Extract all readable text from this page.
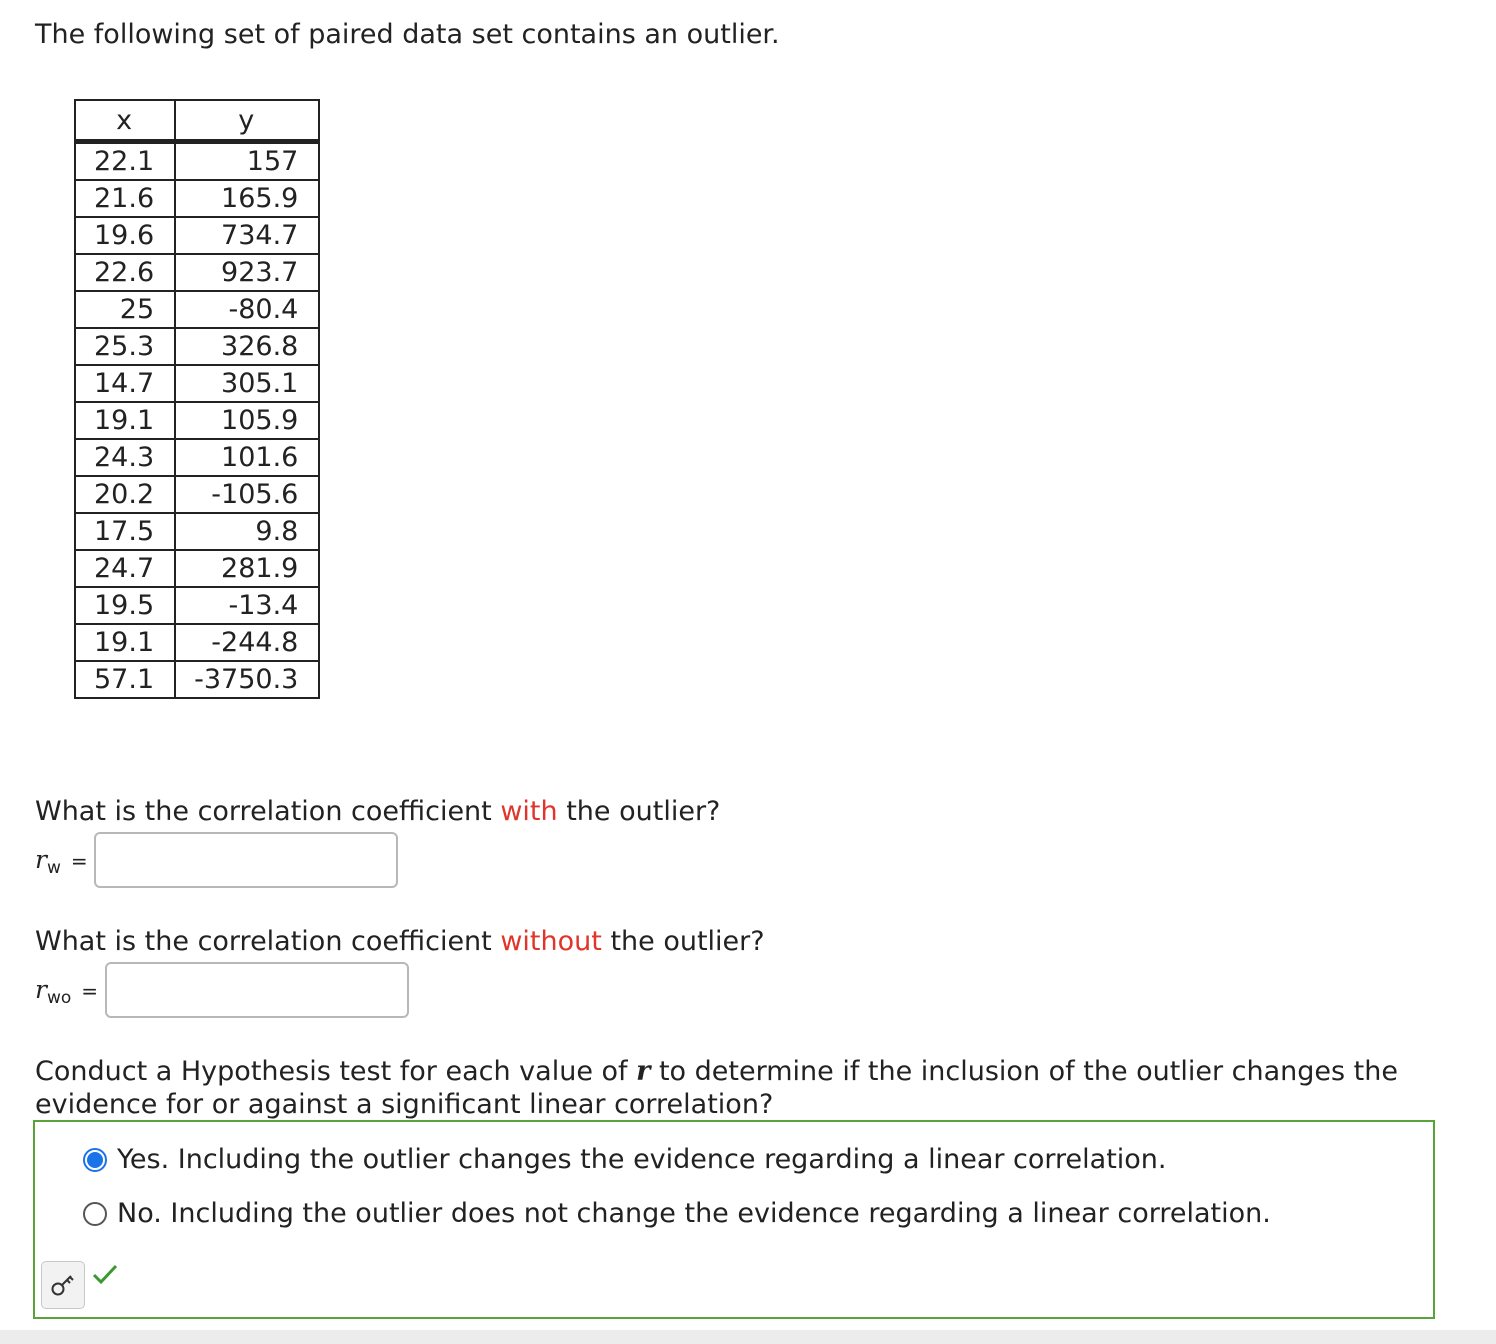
The following set of paired data set contains an outlier.
x	y
22.1	157
21.6	165.9
19.6	734.7
22.6	923.7
25	-80.4
25.3	326.8
14.7	305.1
19.1	105.9
24.3	101.6
20.2	-105.6
17.5	9.8
24.7	281.9
19.5	-13.4
19.1	-244.8
57.1	-3750.3

What is the correlation coefficient with the outlier?

$r_w$ =

What is the correlation coefficient without the outlier?

$r_{wo}$ =

Conduct a Hypothesis test for each value of r to determine if the inclusion of the outlier changes the evidence for or against a significant linear correlation?

Yes. Including the outlier changes the evidence regarding a linear correlation.
No. Including the outlier does not change the evidence regarding a linear correlation.
